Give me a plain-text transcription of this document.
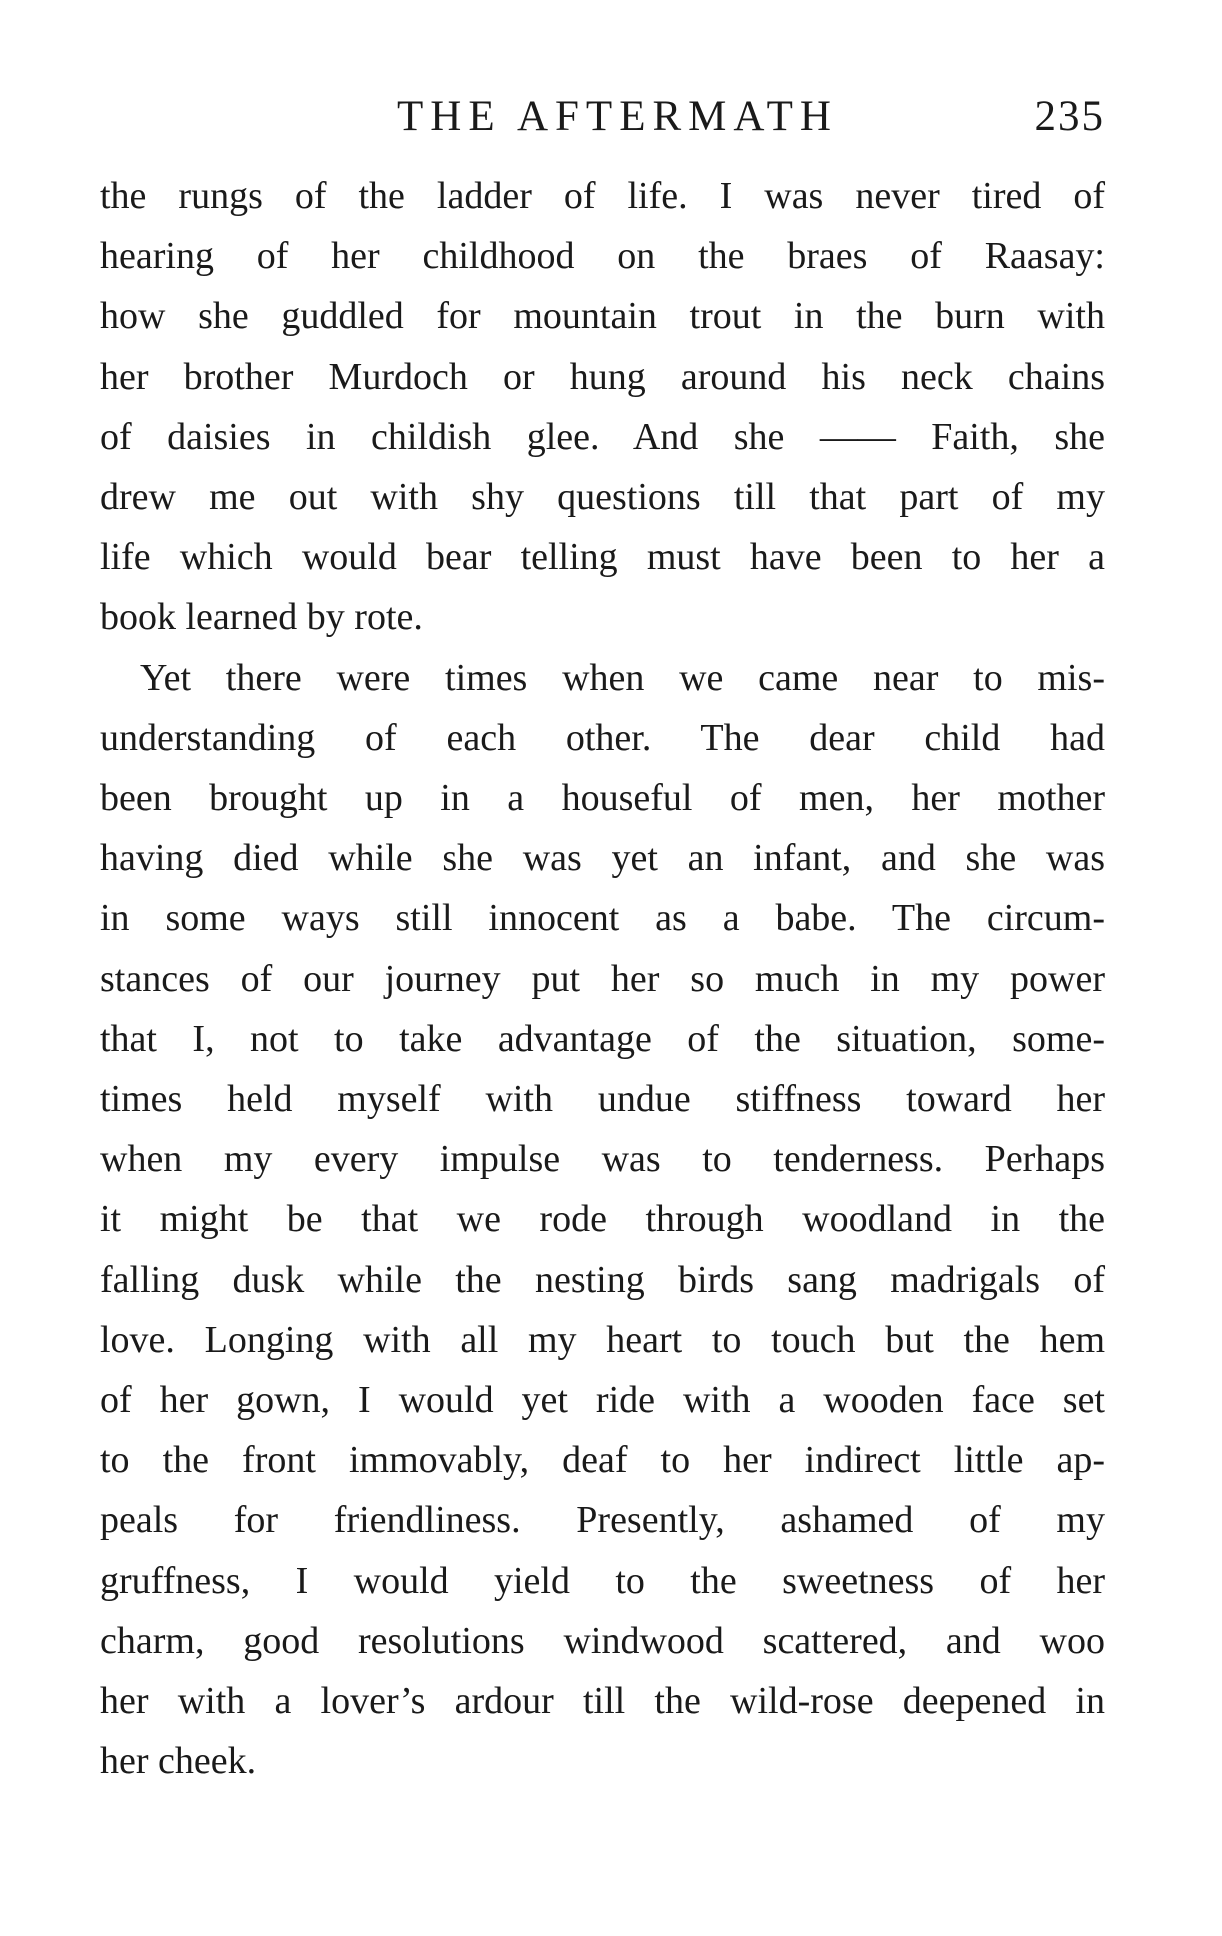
THE AFTERMATH	235

the rungs of the ladder of life. I was never tired of
hearing of her childhood on the braes of Raasay:
how she guddled for mountain trout in the burn with
her brother Murdoch or hung around his neck chains
of daisies in childish glee. And she —— Faith, she
drew me out with shy questions till that part of my
life which would bear telling must have been to her a
book learned by rote.

Yet there were times when we came near to mis-
understanding of each other. The dear child had
been brought up in a houseful of men, her mother
having died while she was yet an infant, and she was
in some ways still innocent as a babe. The circum-
stances of our journey put her so much in my power
that I, not to take advantage of the situation, some-
times held myself with undue stiffness toward her
when my every impulse was to tenderness. Perhaps
it might be that we rode through woodland in the
falling dusk while the nesting birds sang madrigals of
love. Longing with all my heart to touch but the hem
of her gown, I would yet ride with a wooden face set
to the front immovably, deaf to her indirect little ap-
peals for friendliness. Presently, ashamed of my
gruffness, I would yield to the sweetness of her
charm, good resolutions windwood scattered, and woo
her with a lover’s ardour till the wild-rose deepened in
her cheek.
